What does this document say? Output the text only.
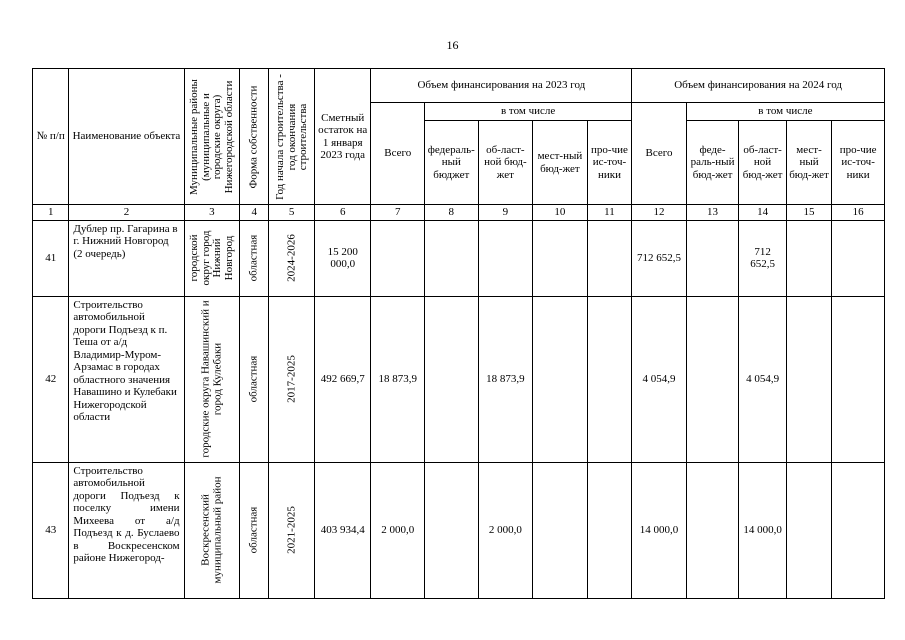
16
№ п/п	Наименование объекта	Муниципальные районы (муниципальные и городские округа) Нижегородской области	Форма собственности	Год начала строительства - год окончания строительства	Сметный остаток на 1 января 2023 года	Объем финансирования на 2023 год					Объем финансирования на 2024 год				
						Всего	в том числе				Всего	в том числе			
							федераль-ный бюджет	об-ласт-ной бюд-жет	мест-ный бюд-жет	про-чие ис-точ-ники		феде-раль-ный бюд-жет	об-ласт-ной бюд-жет	мест-ный бюд-жет	про-чие ис-точ-ники
1	2	3	4	5	6	7	8	9	10	11	12	13	14	15	16
41	Дублер пр. Гагарина в г. Нижний Новгород (2 очередь)	городской округ город Нижний Новгород	областная	2024-2026	15 200 000,0						712 652,5		712 652,5		
42	Строительство автомобильной дороги Подъезд к п. Теша от а/д Владимир-Муром-Арзамас в городах областного значения Навашино и Кулебаки Нижегородской области	городские округа Навашинский и город Кулебаки	областная	2017-2025	492 669,7	18 873,9		18 873,9			4 054,9		4 054,9		
43	Строительство автомобильной дороги Подъезд к поселку имени Михеева от а/д Подъезд к д. Буслаево в Воскресенском районе Нижегород-	Воскресенский муниципальный район	областная	2021-2025	403 934,4	2 000,0		2 000,0			14 000,0		14 000,0		
